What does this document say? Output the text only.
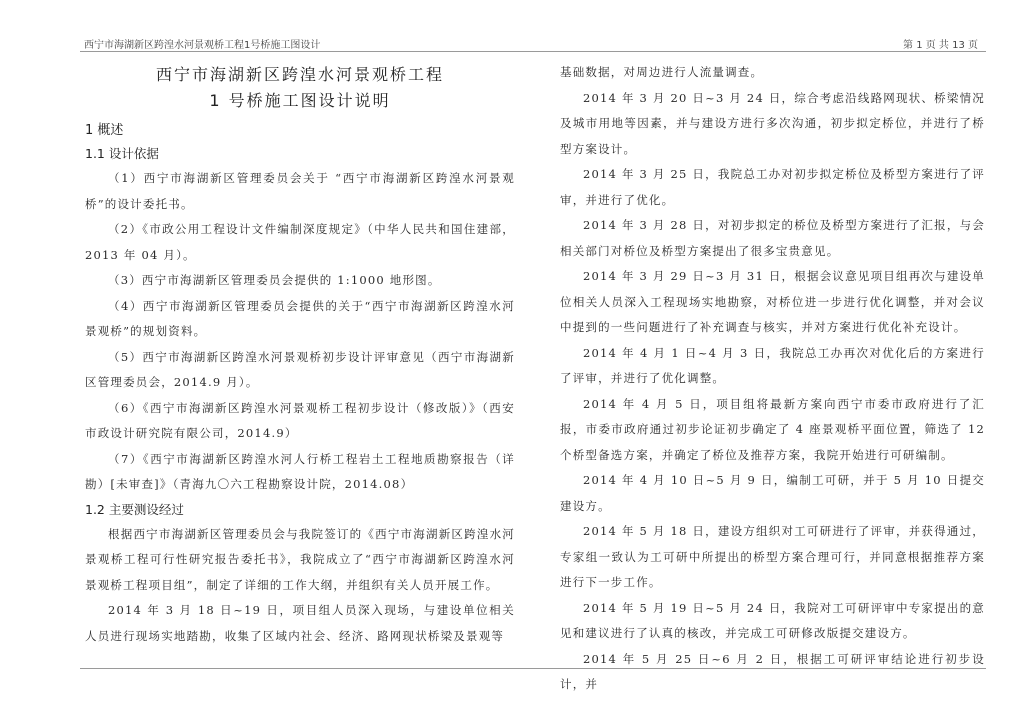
西宁市海湖新区跨湟水河景观桥工程1号桥施工图设计	第 1 页 共 13 页
西宁市海湖新区跨湟水河景观桥工程
1 号桥施工图设计说明
1 概述
1.1 设计依据

（1）西宁市海湖新区管理委员会关于 “西宁市海湖新区跨湟水河景观桥”的设计委托书。

（2）《市政公用工程设计文件编制深度规定》（中华人民共和国住建部，2013 年 04 月）。

（3）西宁市海湖新区管理委员会提供的 1:1000 地形图。

（4）西宁市海湖新区管理委员会提供的关于“西宁市海湖新区跨湟水河景观桥”的规划资料。

（5）西宁市海湖新区跨湟水河景观桥初步设计评审意见（西宁市海湖新区管理委员会，2014.9 月）。

（6）《西宁市海湖新区跨湟水河景观桥工程初步设计（修改版）》（西安市政设计研究院有限公司，2014.9）

（7）《西宁市海湖新区跨湟水河人行桥工程岩土工程地质勘察报告（详勘）[未审查]》（青海九〇六工程勘察设计院，2014.08）

1.2 主要测设经过

根据西宁市海湖新区管理委员会与我院签订的《西宁市海湖新区跨湟水河景观桥工程可行性研究报告委托书》，我院成立了“西宁市海湖新区跨湟水河景观桥工程项目组”，制定了详细的工作大纲，并组织有关人员开展工作。

2014 年 3 月 18 日~19 日，项目组人员深入现场，与建设单位相关人员进行现场实地踏勘，收集了区域内社会、经济、路网现状桥梁及景观等

基础数据，对周边进行人流量调查。

2014 年 3 月 20 日~3 月 24 日，综合考虑沿线路网现状、桥梁情况及城市用地等因素，并与建设方进行多次沟通，初步拟定桥位，并进行了桥型方案设计。

2014 年 3 月 25 日，我院总工办对初步拟定桥位及桥型方案进行了评审，并进行了优化。

2014 年 3 月 28 日，对初步拟定的桥位及桥型方案进行了汇报，与会相关部门对桥位及桥型方案提出了很多宝贵意见。

2014 年 3 月 29 日~3 月 31 日，根据会议意见项目组再次与建设单位相关人员深入工程现场实地勘察，对桥位进一步进行优化调整，并对会议中提到的一些问题进行了补充调查与核实，并对方案进行优化补充设计。

2014 年 4 月 1 日~4 月 3 日，我院总工办再次对优化后的方案进行了评审，并进行了优化调整。

2014 年 4 月 5 日，项目组将最新方案向西宁市委市政府进行了汇报，市委市政府通过初步论证初步确定了 4 座景观桥平面位置，筛选了 12 个桥型备选方案，并确定了桥位及推荐方案，我院开始进行可研编制。

2014 年 4 月 10 日~5 月 9 日，编制工可研，并于 5 月 10 日提交建设方。

2014 年 5 月 18 日，建设方组织对工可研进行了评审，并获得通过，专家组一致认为工可研中所提出的桥型方案合理可行，并同意根据推荐方案进行下一步工作。

2014 年 5 月 19 日~5 月 24 日，我院对工可研评审中专家提出的意见和建议进行了认真的核改，并完成工可研修改版提交建设方。

2014 年 5 月 25 日~6 月 2 日，根据工可研评审结论进行初步设计，并
